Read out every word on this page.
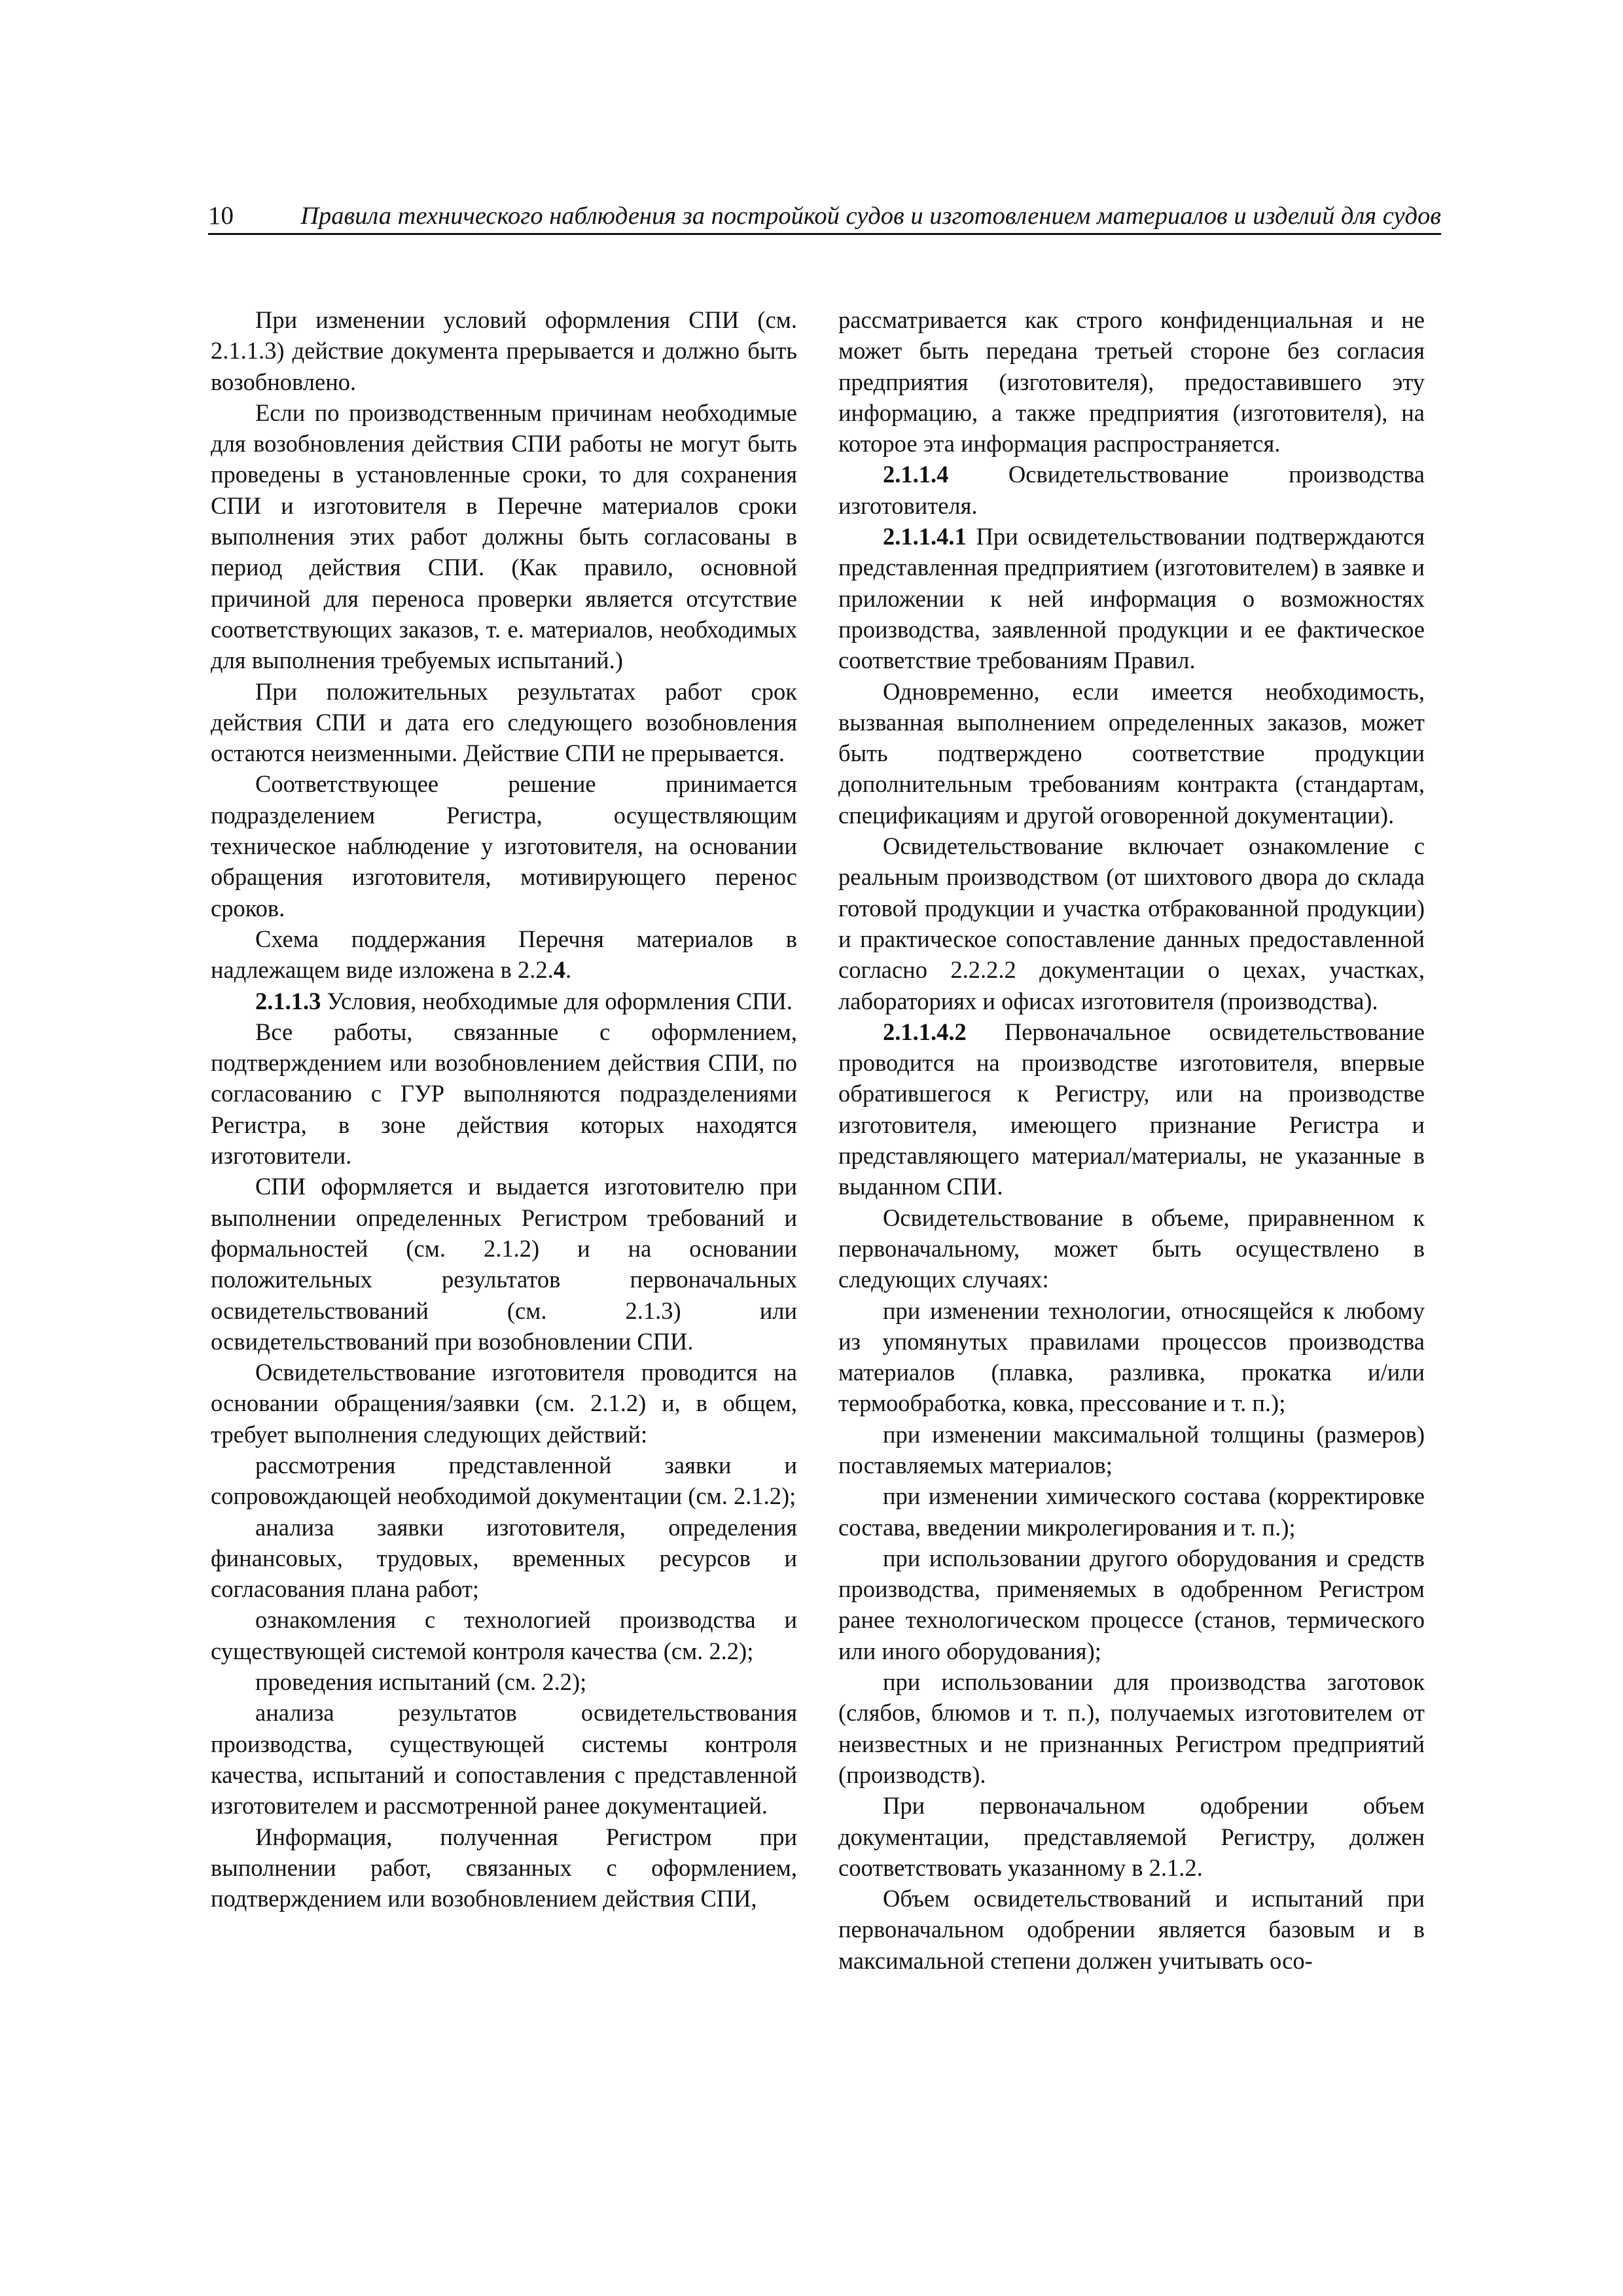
10	Правила технического наблюдения за постройкой судов и изготовлением материалов и изделий для судов

При изменении условий оформления СПИ (см. 2.1.1.3) действие документа прерывается и должно быть возобновлено.

Если по производственным причинам необходимые для возобновления действия СПИ работы не могут быть проведены в установленные сроки, то для сохранения СПИ и изготовителя в Перечне материалов сроки выполнения этих работ должны быть согласованы в период действия СПИ. (Как правило, основной причиной для переноса проверки является отсутствие соответствующих заказов, т. е. материалов, необходимых для выполнения требуемых испытаний.)

При положительных результатах работ срок действия СПИ и дата его следующего возобновления остаются неизменными. Действие СПИ не прерывается.

Соответствующее решение принимается подразделением Регистра, осуществляющим техническое наблюдение у изготовителя, на основании обращения изготовителя, мотивирующего перенос сроков.

Схема поддержания Перечня материалов в надлежащем виде изложена в 2.2.4.

2.1.1.3 Условия, необходимые для оформления СПИ.

Все работы, связанные с оформлением, подтверждением или возобновлением действия СПИ, по согласованию с ГУР выполняются подразделениями Регистра, в зоне действия которых находятся изготовители.

СПИ оформляется и выдается изготовителю при выполнении определенных Регистром требований и формальностей (см. 2.1.2) и на основании положительных результатов первоначальных освидетельствований (см. 2.1.3) или освидетельствований при возобновлении СПИ.

Освидетельствование изготовителя проводится на основании обращения/заявки (см. 2.1.2) и, в общем, требует выполнения следующих действий:

рассмотрения представленной заявки и сопровождающей необходимой документации (см. 2.1.2);

анализа заявки изготовителя, определения финансовых, трудовых, временных ресурсов и согласования плана работ;

ознакомления с технологией производства и существующей системой контроля качества (см. 2.2);

проведения испытаний (см. 2.2);

анализа результатов освидетельствования производства, существующей системы контроля качества, испытаний и сопоставления с представленной изготовителем и рассмотренной ранее документацией.

Информация, полученная Регистром при выполнении работ, связанных с оформлением, подтверждением или возобновлением действия СПИ,

рассматривается как строго конфиденциальная и не может быть передана третьей стороне без согласия предприятия (изготовителя), предоставившего эту информацию, а также предприятия (изготовителя), на которое эта информация распространяется.

2.1.1.4 Освидетельствование производства изготовителя.

2.1.1.4.1 При освидетельствовании подтверждаются представленная предприятием (изготовителем) в заявке и приложении к ней информация о возможностях производства, заявленной продукции и ее фактическое соответствие требованиям Правил.

Одновременно, если имеется необходимость, вызванная выполнением определенных заказов, может быть подтверждено соответствие продукции дополнительным требованиям контракта (стандартам, спецификациям и другой оговоренной документации).

Освидетельствование включает ознакомление с реальным производством (от шихтового двора до склада готовой продукции и участка отбракованной продукции) и практическое сопоставление данных предоставленной согласно 2.2.2.2 документации о цехах, участках, лабораториях и офисах изготовителя (производства).

2.1.1.4.2 Первоначальное освидетельствование проводится на производстве изготовителя, впервые обратившегося к Регистру, или на производстве изготовителя, имеющего признание Регистра и представляющего материал/материалы, не указанные в выданном СПИ.

Освидетельствование в объеме, приравненном к первоначальному, может быть осуществлено в следующих случаях:

при изменении технологии, относящейся к любому из упомянутых правилами процессов производства материалов (плавка, разливка, прокатка и/или термообработка, ковка, прессование и т. п.);

при изменении максимальной толщины (размеров) поставляемых материалов;

при изменении химического состава (корректировке состава, введении микролегирования и т. п.);

при использовании другого оборудования и средств производства, применяемых в одобренном Регистром ранее технологическом процессе (станов, термического или иного оборудования);

при использовании для производства заготовок (слябов, блюмов и т. п.), получаемых изготовителем от неизвестных и не признанных Регистром предприятий (производств).

При первоначальном одобрении объем документации, представляемой Регистру, должен соответствовать указанному в 2.1.2.

Объем освидетельствований и испытаний при первоначальном одобрении является базовым и в максимальной степени должен учитывать осо-
